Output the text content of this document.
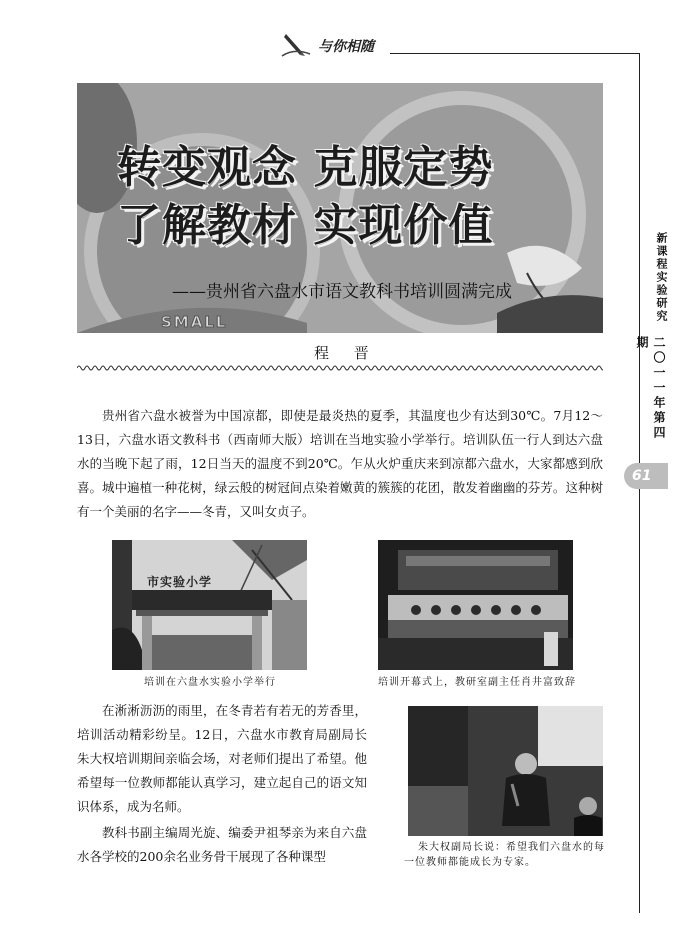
与你相随
新课程实验研究
二〇一一年第四期
61
转变观念 克服定势
了解教材 实现价值
——贵州省六盘水市语文教科书培训圆满完成
SMALL
程 晋
贵州省六盘水被誉为中国凉都，即使是最炎热的夏季，其温度也少有达到30℃。7月12～13日，六盘水语文教科书（西南师大版）培训在当地实验小学举行。培训队伍一行人到达六盘水的当晚下起了雨，12日当天的温度不到20℃。乍从火炉重庆来到凉都六盘水，大家都感到欣喜。城中遍植一种花树，绿云般的树冠间点染着嫩黄的簇簇的花团，散发着幽幽的芬芳。这种树有一个美丽的名字——冬青，又叫女贞子。
市实验小学
培训在六盘水实验小学举行	培训开幕式上，教研室副主任肖井富致辞
在淅淅沥沥的雨里，在冬青若有若无的芳香里，培训活动精彩纷呈。12日，六盘水市教育局副局长朱大权培训期间亲临会场，对老师们提出了希望。他希望每一位教师都能认真学习，建立起自己的语文知识体系，成为名师。
教科书副主编周光旋、编委尹祖琴亲为来自六盘水各学校的200余名业务骨干展现了各种课型
朱大权副局长说：希望我们六盘水的每一位教师都能成长为专家。
